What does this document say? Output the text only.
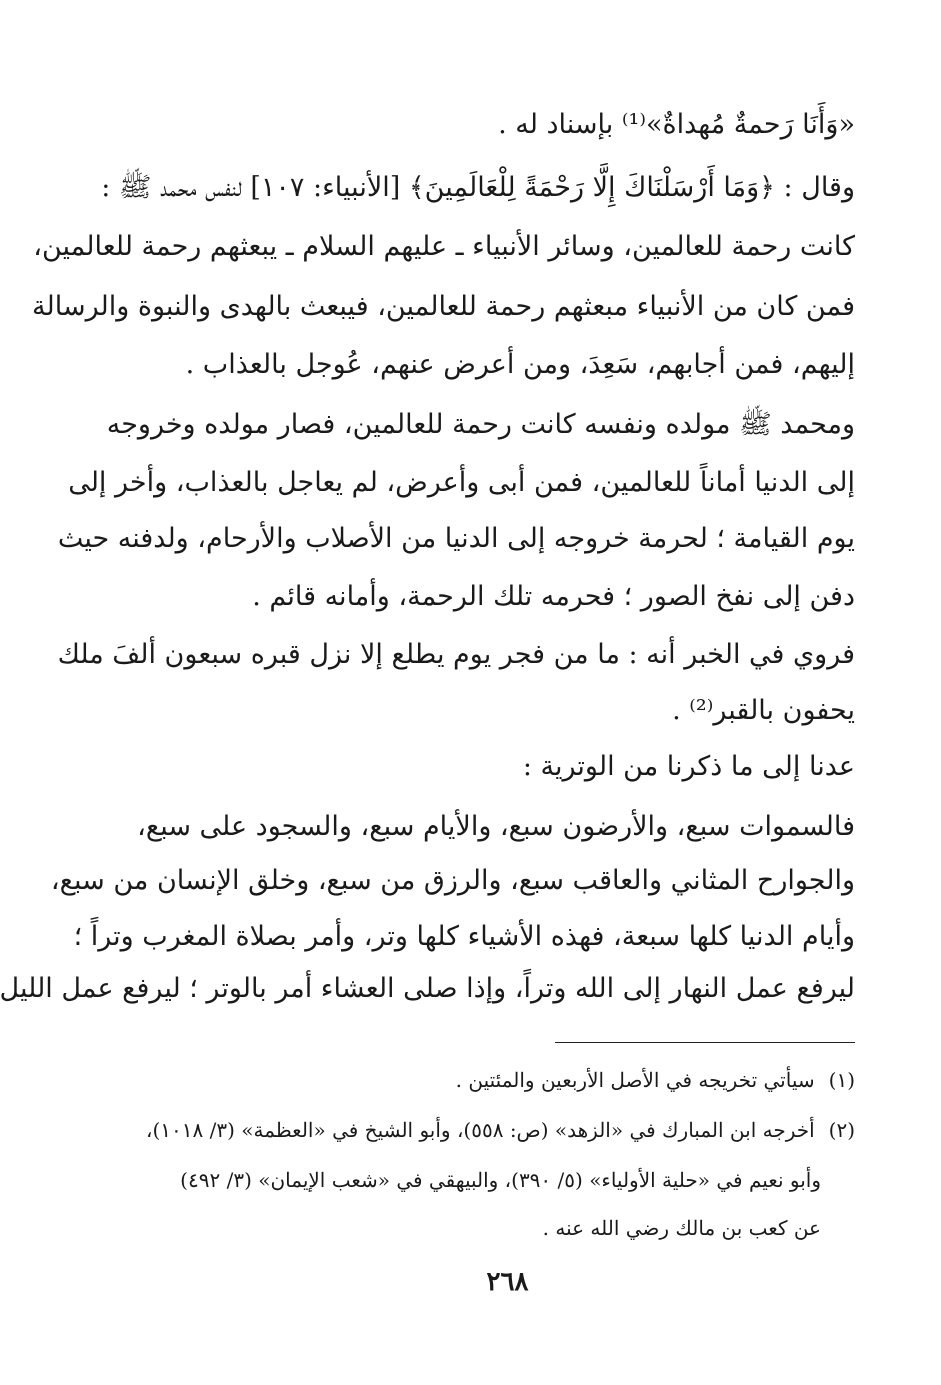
«وَأَنَا رَحمةٌ مُهداةٌ»⁽¹⁾ بإسناد له .
وقال : ﴿وَمَا أَرْسَلْنَاكَ إِلَّا رَحْمَةً لِلْعَالَمِينَ﴾ [الأنبياء: ١٠٧] لنفس محمد ﷺ :
كانت رحمة للعالمين، وسائر الأنبياء ـ عليهم السلام ـ يبعثهم رحمة للعالمين،
فمن كان من الأنبياء مبعثهم رحمة للعالمين، فيبعث بالهدى والنبوة والرسالة
إليهم، فمن أجابهم، سَعِدَ، ومن أعرض عنهم، عُوجل بالعذاب .
ومحمد ﷺ مولده ونفسه كانت رحمة للعالمين، فصار مولده وخروجه
إلى الدنيا أماناً للعالمين، فمن أبى وأعرض، لم يعاجل بالعذاب، وأخر إلى
يوم القيامة ؛ لحرمة خروجه إلى الدنيا من الأصلاب والأرحام، ولدفنه حيث
دفن إلى نفخ الصور ؛ فحرمه تلك الرحمة، وأمانه قائم .
فروي في الخبر أنه : ما من فجر يوم يطلع إلا نزل قبره سبعون ألفَ ملك
يحفون بالقبر⁽²⁾ .
عدنا إلى ما ذكرنا من الوترية :
فالسموات سبع، والأرضون سبع، والأيام سبع، والسجود على سبع،
والجوارح المثاني والعاقب سبع، والرزق من سبع، وخلق الإنسان من سبع،
وأيام الدنيا كلها سبعة، فهذه الأشياء كلها وتر، وأمر بصلاة المغرب وتراً ؛
ليرفع عمل النهار إلى الله وتراً، وإذا صلى العشاء أمر بالوتر ؛ ليرفع عمل الليل
(١) سيأتي تخريجه في الأصل الأربعين والمئتين .
(٢) أخرجه ابن المبارك في «الزهد» (ص: ٥٥٨)، وأبو الشيخ في «العظمة» (٣/ ١٠١٨)،
وأبو نعيم في «حلية الأولياء» (٥/ ٣٩٠)، والبيهقي في «شعب الإيمان» (٣/ ٤٩٢)
عن كعب بن مالك رضي الله عنه .
٢٦٨
